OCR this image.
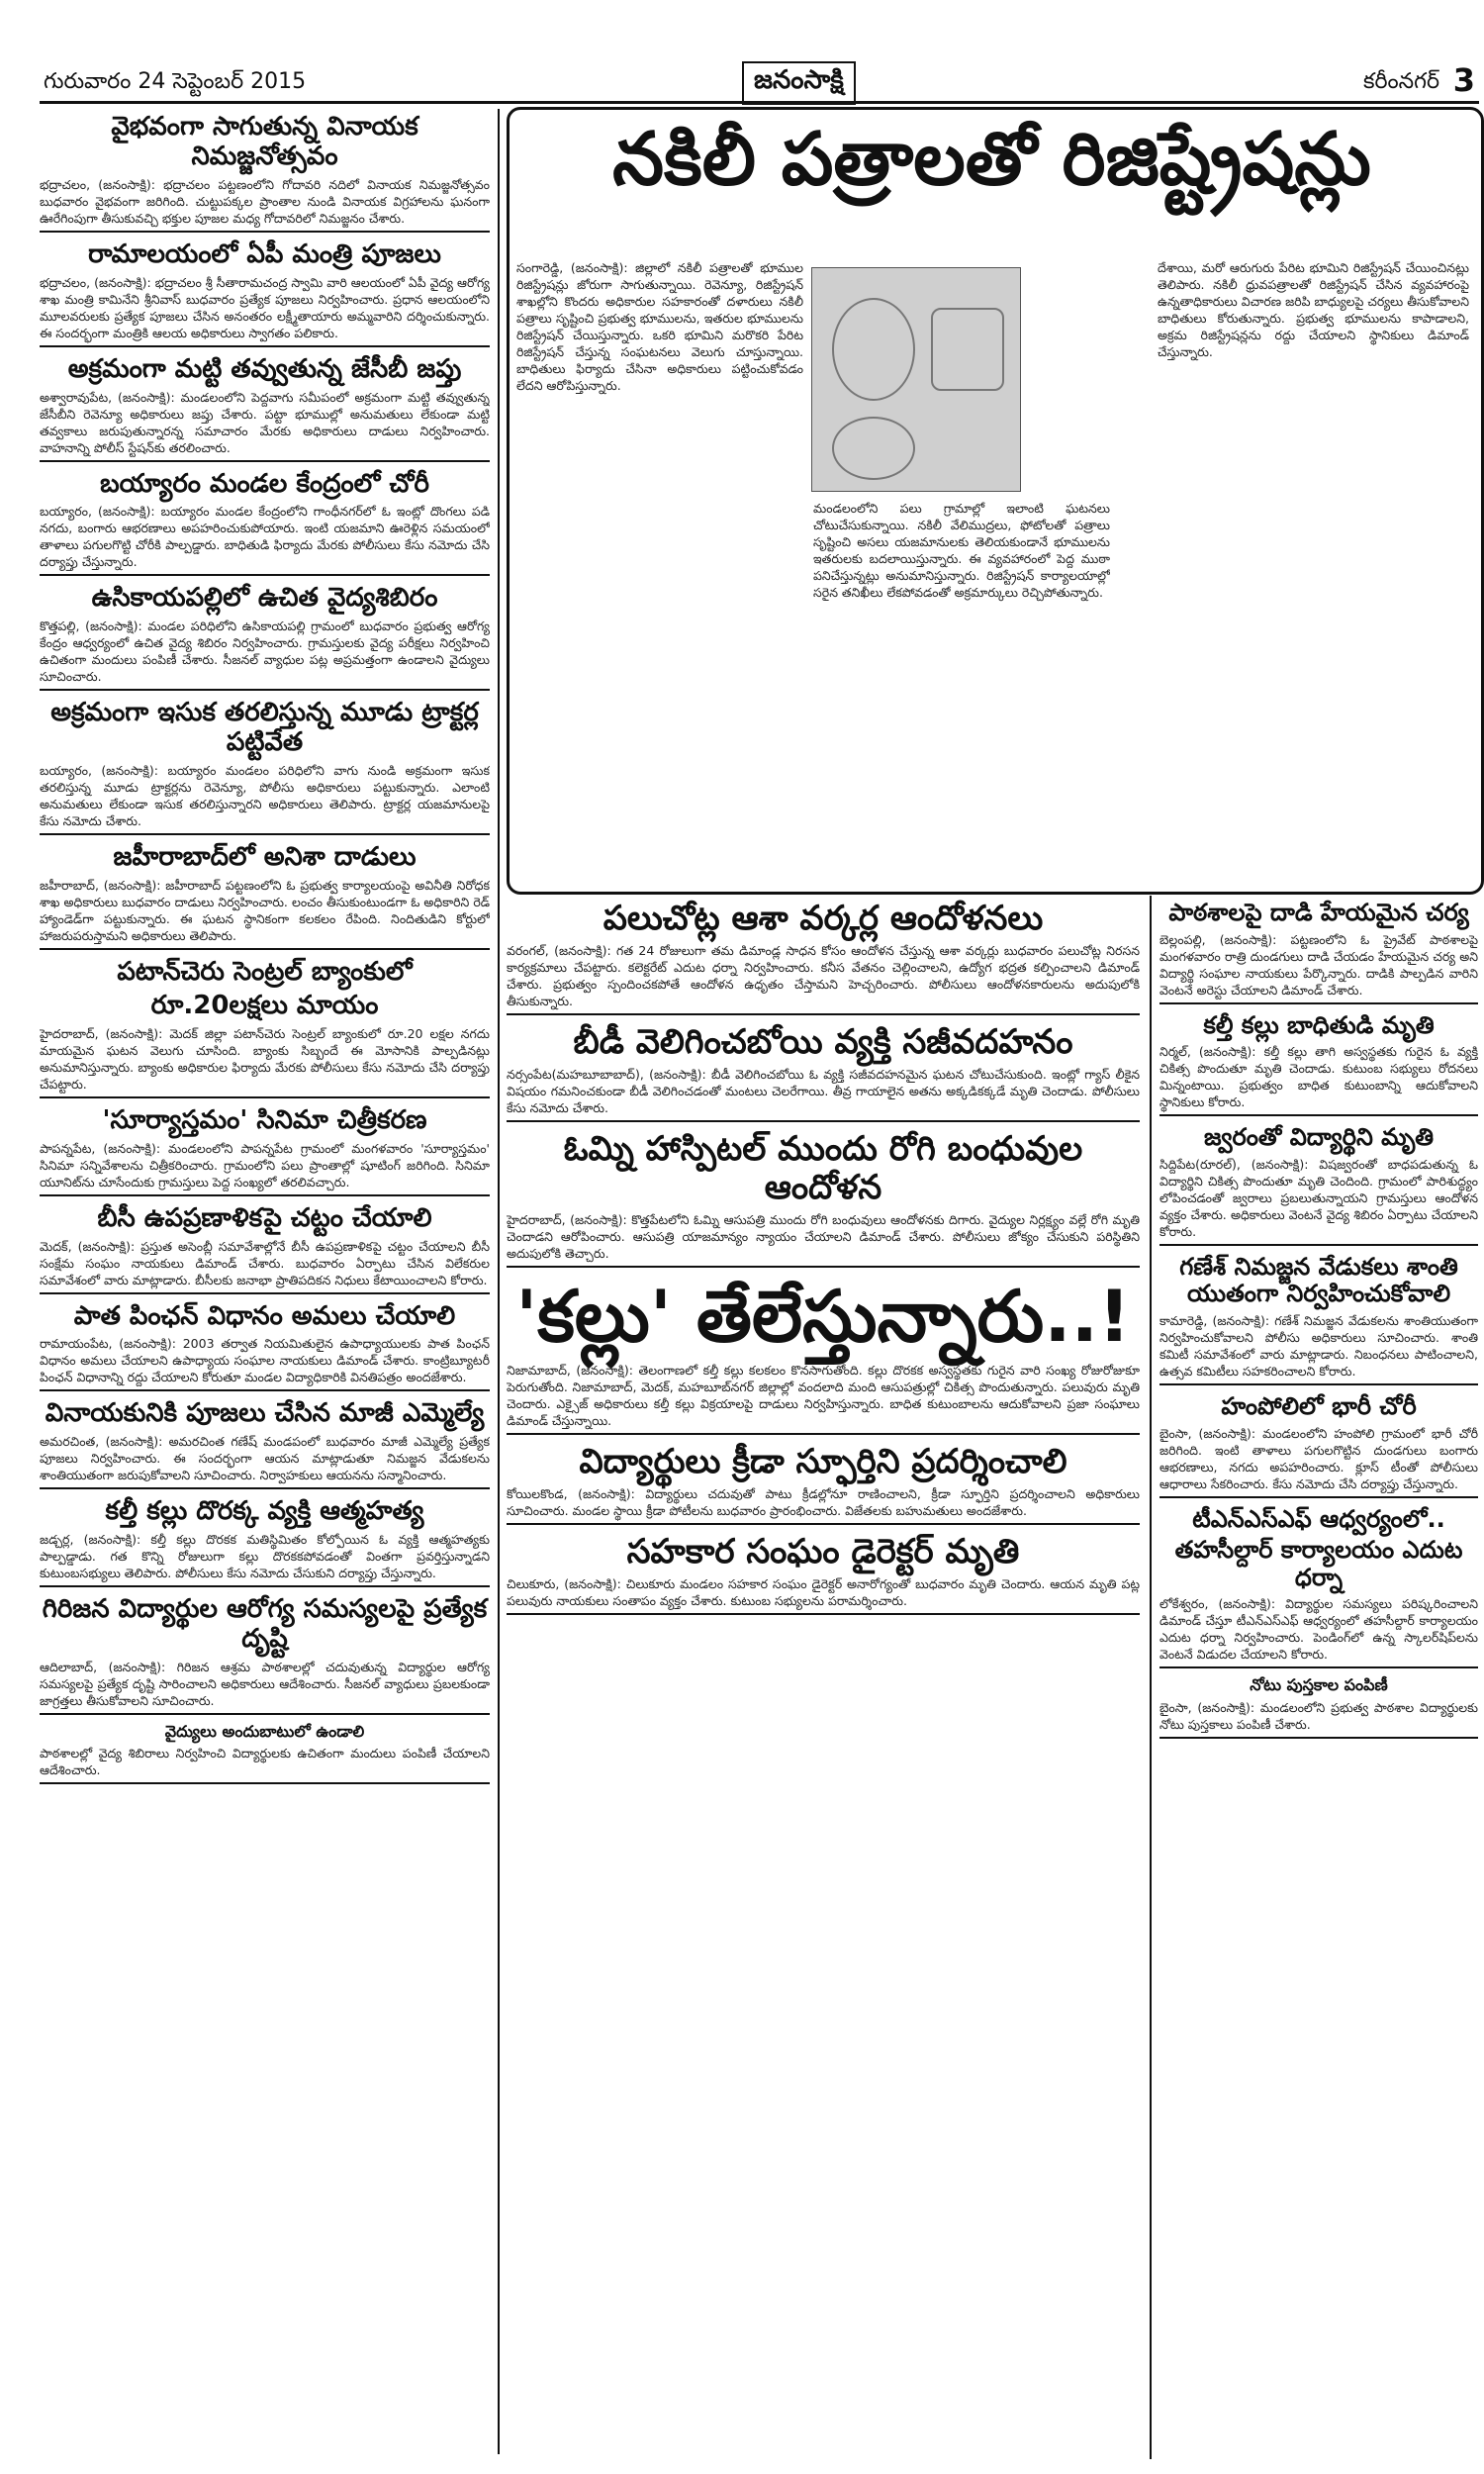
గురువారం 24 సెప్టెంబర్ 2015	జనంసాక్షి	కరీంనగర్ 3
వైభవంగా సాగుతున్న వినాయక నిమజ్జనోత్సవం
భద్రాచలం, (జనంసాక్షి): భద్రాచలం పట్టణంలోని గోదావరి నదిలో వినాయక నిమజ్జనోత్సవం బుధవారం వైభవంగా జరిగింది. చుట్టుపక్కల ప్రాంతాల నుండి వినాయక విగ్రహాలను ఘనంగా ఊరేగింపుగా తీసుకువచ్చి భక్తుల పూజల మధ్య గోదావరిలో నిమజ్జనం చేశారు.
రామాలయంలో ఏపీ మంత్రి పూజలు
భద్రాచలం, (జనంసాక్షి): భద్రాచలం శ్రీ సీతారామచంద్ర స్వామి వారి ఆలయంలో ఏపీ వైద్య ఆరోగ్య శాఖ మంత్రి కామినేని శ్రీనివాస్ బుధవారం ప్రత్యేక పూజలు నిర్వహించారు. ప్రధాన ఆలయంలోని మూలవరులకు ప్రత్యేక పూజలు చేసిన అనంతరం లక్ష్మీతాయారు అమ్మవారిని దర్శించుకున్నారు. ఈ సందర్భంగా మంత్రికి ఆలయ అధికారులు స్వాగతం పలికారు.
అక్రమంగా మట్టి తవ్వుతున్న జేసీబీ జప్తు
అశ్వారావుపేట, (జనంసాక్షి): మండలంలోని పెద్దవాగు సమీపంలో అక్రమంగా మట్టి తవ్వుతున్న జేసీబీని రెవెన్యూ అధికారులు జప్తు చేశారు. పట్టా భూముల్లో అనుమతులు లేకుండా మట్టి తవ్వకాలు జరుపుతున్నారన్న సమాచారం మేరకు అధికారులు దాడులు నిర్వహించారు. వాహనాన్ని పోలీస్ స్టేషన్‌కు తరలించారు.
బయ్యారం మండల కేంద్రంలో చోరీ
బయ్యారం, (జనంసాక్షి): బయ్యారం మండల కేంద్రంలోని గాంధీనగర్‌లో ఓ ఇంట్లో దొంగలు పడి నగదు, బంగారు ఆభరణాలు అపహరించుకుపోయారు. ఇంటి యజమాని ఊరెళ్లిన సమయంలో తాళాలు పగులగొట్టి చోరీకి పాల్పడ్డారు. బాధితుడి ఫిర్యాదు మేరకు పోలీసులు కేసు నమోదు చేసి దర్యాప్తు చేస్తున్నారు.
ఉసికాయపల్లిలో ఉచిత వైద్యశిబిరం
కొత్తపల్లి, (జనంసాక్షి): మండల పరిధిలోని ఉసికాయపల్లి గ్రామంలో బుధవారం ప్రభుత్వ ఆరోగ్య కేంద్రం ఆధ్వర్యంలో ఉచిత వైద్య శిబిరం నిర్వహించారు. గ్రామస్తులకు వైద్య పరీక్షలు నిర్వహించి ఉచితంగా మందులు పంపిణీ చేశారు. సీజనల్ వ్యాధుల పట్ల అప్రమత్తంగా ఉండాలని వైద్యులు సూచించారు.
అక్రమంగా ఇసుక తరలిస్తున్న మూడు ట్రాక్టర్ల పట్టివేత
బయ్యారం, (జనంసాక్షి): బయ్యారం మండలం పరిధిలోని వాగు నుండి అక్రమంగా ఇసుక తరలిస్తున్న మూడు ట్రాక్టర్లను రెవెన్యూ, పోలీసు అధికారులు పట్టుకున్నారు. ఎలాంటి అనుమతులు లేకుండా ఇసుక తరలిస్తున్నారని అధికారులు తెలిపారు. ట్రాక్టర్ల యజమానులపై కేసు నమోదు చేశారు.
జహీరాబాద్‌లో అనిశా దాడులు
జహీరాబాద్, (జనంసాక్షి): జహీరాబాద్ పట్టణంలోని ఓ ప్రభుత్వ కార్యాలయంపై అవినీతి నిరోధక శాఖ అధికారులు బుధవారం దాడులు నిర్వహించారు. లంచం తీసుకుంటుండగా ఓ అధికారిని రెడ్ హ్యాండెడ్‌గా పట్టుకున్నారు. ఈ ఘటన స్థానికంగా కలకలం రేపింది. నిందితుడిని కోర్టులో హాజరుపరుస్తామని అధికారులు తెలిపారు.
పటాన్‌చెరు సెంట్రల్ బ్యాంకులో
రూ.20లక్షలు మాయం
హైదరాబాద్, (జనంసాక్షి): మెదక్ జిల్లా పటాన్‌చెరు సెంట్రల్ బ్యాంకులో రూ.20 లక్షల నగదు మాయమైన ఘటన వెలుగు చూసింది. బ్యాంకు సిబ్బందే ఈ మోసానికి పాల్పడినట్లు అనుమానిస్తున్నారు. బ్యాంకు అధికారుల ఫిర్యాదు మేరకు పోలీసులు కేసు నమోదు చేసి దర్యాప్తు చేపట్టారు.
'సూర్యాస్తమం' సినిమా చిత్రీకరణ
పాపన్నపేట, (జనంసాక్షి): మండలంలోని పాపన్నపేట గ్రామంలో మంగళవారం 'సూర్యాస్తమం' సినిమా సన్నివేశాలను చిత్రీకరించారు. గ్రామంలోని పలు ప్రాంతాల్లో షూటింగ్ జరిగింది. సినిమా యూనిట్‌ను చూసేందుకు గ్రామస్తులు పెద్ద సంఖ్యలో తరలివచ్చారు.
బీసీ ఉపప్రణాళికపై చట్టం చేయాలి
మెదక్, (జనంసాక్షి): ప్రస్తుత అసెంబ్లీ సమావేశాల్లోనే బీసీ ఉపప్రణాళికపై చట్టం చేయాలని బీసీ సంక్షేమ సంఘం నాయకులు డిమాండ్ చేశారు. బుధవారం ఏర్పాటు చేసిన విలేకరుల సమావేశంలో వారు మాట్లాడారు. బీసీలకు జనాభా ప్రాతిపదికన నిధులు కేటాయించాలని కోరారు.
పాత పింఛన్ విధానం అమలు చేయాలి
రామాయంపేట, (జనంసాక్షి): 2003 తర్వాత నియమితులైన ఉపాధ్యాయులకు పాత పింఛన్ విధానం అమలు చేయాలని ఉపాధ్యాయ సంఘాల నాయకులు డిమాండ్ చేశారు. కాంట్రిబ్యూటరీ పింఛన్ విధానాన్ని రద్దు చేయాలని కోరుతూ మండల విద్యాధికారికి వినతిపత్రం అందజేశారు.
వినాయకునికి పూజలు చేసిన మాజీ ఎమ్మెల్యే
అమరచింత, (జనంసాక్షి): అమరచింత గణేష్ మండపంలో బుధవారం మాజీ ఎమ్మెల్యే ప్రత్యేక పూజలు నిర్వహించారు. ఈ సందర్భంగా ఆయన మాట్లాడుతూ నిమజ్జన వేడుకలను శాంతియుతంగా జరుపుకోవాలని సూచించారు. నిర్వాహకులు ఆయనను సన్మానించారు.
కల్తీ కల్లు దొరక్క వ్యక్తి ఆత్మహత్య
జడ్చర్ల, (జనంసాక్షి): కల్తీ కల్లు దొరకక మతిస్థిమితం కోల్పోయిన ఓ వ్యక్తి ఆత్మహత్యకు పాల్పడ్డాడు. గత కొన్ని రోజులుగా కల్లు దొరకకపోవడంతో వింతగా ప్రవర్తిస్తున్నాడని కుటుంబసభ్యులు తెలిపారు. పోలీసులు కేసు నమోదు చేసుకుని దర్యాప్తు చేస్తున్నారు.
గిరిజన విద్యార్థుల ఆరోగ్య సమస్యలపై ప్రత్యేక దృష్టి
ఆదిలాబాద్, (జనంసాక్షి): గిరిజన ఆశ్రమ పాఠశాలల్లో చదువుతున్న విద్యార్థుల ఆరోగ్య సమస్యలపై ప్రత్యేక దృష్టి సారించాలని అధికారులు ఆదేశించారు. సీజనల్ వ్యాధులు ప్రబలకుండా జాగ్రత్తలు తీసుకోవాలని సూచించారు.
వైద్యులు అందుబాటులో ఉండాలి
పాఠశాలల్లో వైద్య శిబిరాలు నిర్వహించి విద్యార్థులకు ఉచితంగా మందులు పంపిణీ చేయాలని ఆదేశించారు.
నకిలీ పత్రాలతో రిజిష్ట్రేషన్లు
సంగారెడ్డి, (జనంసాక్షి): జిల్లాలో నకిలీ పత్రాలతో భూముల రిజిస్ట్రేషన్లు జోరుగా సాగుతున్నాయి. రెవెన్యూ, రిజిస్ట్రేషన్ శాఖల్లోని కొందరు అధికారుల సహకారంతో దళారులు నకిలీ పత్రాలు సృష్టించి ప్రభుత్వ భూములను, ఇతరుల భూములను రిజిస్ట్రేషన్ చేయిస్తున్నారు. ఒకరి భూమిని మరొకరి పేరిట రిజిస్ట్రేషన్ చేస్తున్న సంఘటనలు వెలుగు చూస్తున్నాయి. బాధితులు ఫిర్యాదు చేసినా అధికారులు పట్టించుకోవడం లేదని ఆరోపిస్తున్నారు.
మండలంలోని పలు గ్రామాల్లో ఇలాంటి ఘటనలు చోటుచేసుకున్నాయి. నకిలీ వేలిముద్రలు, ఫోటోలతో పత్రాలు సృష్టించి అసలు యజమానులకు తెలియకుండానే భూములను ఇతరులకు బదలాయిస్తున్నారు. ఈ వ్యవహారంలో పెద్ద ముఠా పనిచేస్తున్నట్లు అనుమానిస్తున్నారు. రిజిస్ట్రేషన్ కార్యాలయాల్లో సరైన తనిఖీలు లేకపోవడంతో అక్రమార్కులు రెచ్చిపోతున్నారు.
దేశాయి, మరో ఆరుగురు పేరిట భూమిని రిజిస్ట్రేషన్ చేయించినట్లు తెలిపారు. నకిలీ ధ్రువపత్రాలతో రిజిస్ట్రేషన్ చేసిన వ్యవహారంపై ఉన్నతాధికారులు విచారణ జరిపి బాధ్యులపై చర్యలు తీసుకోవాలని బాధితులు కోరుతున్నారు. ప్రభుత్వ భూములను కాపాడాలని, అక్రమ రిజిస్ట్రేషన్లను రద్దు చేయాలని స్థానికులు డిమాండ్ చేస్తున్నారు.
పలుచోట్ల ఆశా వర్కర్ల ఆందోళనలు
వరంగల్, (జనంసాక్షి): గత 24 రోజులుగా తమ డిమాండ్ల సాధన కోసం ఆందోళన చేస్తున్న ఆశా వర్కర్లు బుధవారం పలుచోట్ల నిరసన కార్యక్రమాలు చేపట్టారు. కలెక్టరేట్ ఎదుట ధర్నా నిర్వహించారు. కనీస వేతనం చెల్లించాలని, ఉద్యోగ భద్రత కల్పించాలని డిమాండ్ చేశారు. ప్రభుత్వం స్పందించకపోతే ఆందోళన ఉధృతం చేస్తామని హెచ్చరించారు. పోలీసులు ఆందోళనకారులను అదుపులోకి తీసుకున్నారు.
బీడీ వెలిగించబోయి వ్యక్తి సజీవదహనం
నర్సంపేట(మహబూబాబాద్), (జనంసాక్షి): బీడీ వెలిగించబోయి ఓ వ్యక్తి సజీవదహనమైన ఘటన చోటుచేసుకుంది. ఇంట్లో గ్యాస్ లీకైన విషయం గమనించకుండా బీడీ వెలిగించడంతో మంటలు చెలరేగాయి. తీవ్ర గాయాలైన అతను అక్కడికక్కడే మృతి చెందాడు. పోలీసులు కేసు నమోదు చేశారు.
ఓమ్ని హాస్పిటల్ ముందు రోగి బంధువుల ఆందోళన
హైదరాబాద్, (జనంసాక్షి): కొత్తపేటలోని ఓమ్ని ఆసుపత్రి ముందు రోగి బంధువులు ఆందోళనకు దిగారు. వైద్యుల నిర్లక్ష్యం వల్లే రోగి మృతి చెందాడని ఆరోపించారు. ఆసుపత్రి యాజమాన్యం న్యాయం చేయాలని డిమాండ్ చేశారు. పోలీసులు జోక్యం చేసుకుని పరిస్థితిని అదుపులోకి తెచ్చారు.
'కల్లు' తేలేస్తున్నారు..!
నిజామాబాద్, (జనంసాక్షి): తెలంగాణలో కల్తీ కల్లు కలకలం కొనసాగుతోంది. కల్లు దొరకక అస్వస్థతకు గురైన వారి సంఖ్య రోజురోజుకూ పెరుగుతోంది. నిజామాబాద్, మెదక్, మహబూబ్‌నగర్ జిల్లాల్లో వందలాది మంది ఆసుపత్రుల్లో చికిత్స పొందుతున్నారు. పలువురు మృతి చెందారు. ఎక్సైజ్ అధికారులు కల్తీ కల్లు విక్రయాలపై దాడులు నిర్వహిస్తున్నారు. బాధిత కుటుంబాలను ఆదుకోవాలని ప్రజా సంఘాలు డిమాండ్ చేస్తున్నాయి.
విద్యార్థులు క్రీడా స్ఫూర్తిని ప్రదర్శించాలి
కోయిలకొండ, (జనంసాక్షి): విద్యార్థులు చదువుతో పాటు క్రీడల్లోనూ రాణించాలని, క్రీడా స్ఫూర్తిని ప్రదర్శించాలని అధికారులు సూచించారు. మండల స్థాయి క్రీడా పోటీలను బుధవారం ప్రారంభించారు. విజేతలకు బహుమతులు అందజేశారు.
సహకార సంఘం డైరెక్టర్ మృతి
చిలుకూరు, (జనంసాక్షి): చిలుకూరు మండలం సహకార సంఘం డైరెక్టర్ అనారోగ్యంతో బుధవారం మృతి చెందారు. ఆయన మృతి పట్ల పలువురు నాయకులు సంతాపం వ్యక్తం చేశారు. కుటుంబ సభ్యులను పరామర్శించారు.
పాఠశాలపై దాడి హేయమైన చర్య
బెల్లంపల్లి, (జనంసాక్షి): పట్టణంలోని ఓ ప్రైవేట్ పాఠశాలపై మంగళవారం రాత్రి దుండగులు దాడి చేయడం హేయమైన చర్య అని విద్యార్థి సంఘాల నాయకులు పేర్కొన్నారు. దాడికి పాల్పడిన వారిని వెంటనే అరెస్టు చేయాలని డిమాండ్ చేశారు.
కల్తీ కల్లు బాధితుడి మృతి
నిర్మల్, (జనంసాక్షి): కల్తీ కల్లు తాగి అస్వస్థతకు గురైన ఓ వ్యక్తి చికిత్స పొందుతూ మృతి చెందాడు. కుటుంబ సభ్యులు రోదనలు మిన్నంటాయి. ప్రభుత్వం బాధిత కుటుంబాన్ని ఆదుకోవాలని స్థానికులు కోరారు.
జ్వరంతో విద్యార్థిని మృతి
సిద్దిపేట(రూరల్), (జనంసాక్షి): విషజ్వరంతో బాధపడుతున్న ఓ విద్యార్థిని చికిత్స పొందుతూ మృతి చెందింది. గ్రామంలో పారిశుద్ధ్యం లోపించడంతో జ్వరాలు ప్రబలుతున్నాయని గ్రామస్తులు ఆందోళన వ్యక్తం చేశారు. అధికారులు వెంటనే వైద్య శిబిరం ఏర్పాటు చేయాలని కోరారు.
గణేశ్ నిమజ్జన వేడుకలు శాంతి యుతంగా నిర్వహించుకోవాలి
కామారెడ్డి, (జనంసాక్షి): గణేశ్ నిమజ్జన వేడుకలను శాంతియుతంగా నిర్వహించుకోవాలని పోలీసు అధికారులు సూచించారు. శాంతి కమిటీ సమావేశంలో వారు మాట్లాడారు. నిబంధనలు పాటించాలని, ఉత్సవ కమిటీలు సహకరించాలని కోరారు.
హంపోలిలో భారీ చోరీ
బైంసా, (జనంసాక్షి): మండలంలోని హంపోలి గ్రామంలో భారీ చోరీ జరిగింది. ఇంటి తాళాలు పగులగొట్టిన దుండగులు బంగారు ఆభరణాలు, నగదు అపహరించారు. క్లూస్ టీంతో పోలీసులు ఆధారాలు సేకరించారు. కేసు నమోదు చేసి దర్యాప్తు చేస్తున్నారు.
టీఎన్‌ఎస్‌ఎఫ్ ఆధ్వర్యంలో..
తహసీల్దార్ కార్యాలయం ఎదుట ధర్నా
లోకేశ్వరం, (జనంసాక్షి): విద్యార్థుల సమస్యలు పరిష్కరించాలని డిమాండ్ చేస్తూ టీఎన్‌ఎస్‌ఎఫ్ ఆధ్వర్యంలో తహసీల్దార్ కార్యాలయం ఎదుట ధర్నా నిర్వహించారు. పెండింగ్‌లో ఉన్న స్కాలర్‌షిప్‌లను వెంటనే విడుదల చేయాలని కోరారు.
నోటు పుస్తకాల పంపిణీ
బైంసా, (జనంసాక్షి): మండలంలోని ప్రభుత్వ పాఠశాల విద్యార్థులకు నోటు పుస్తకాలు పంపిణీ చేశారు.
